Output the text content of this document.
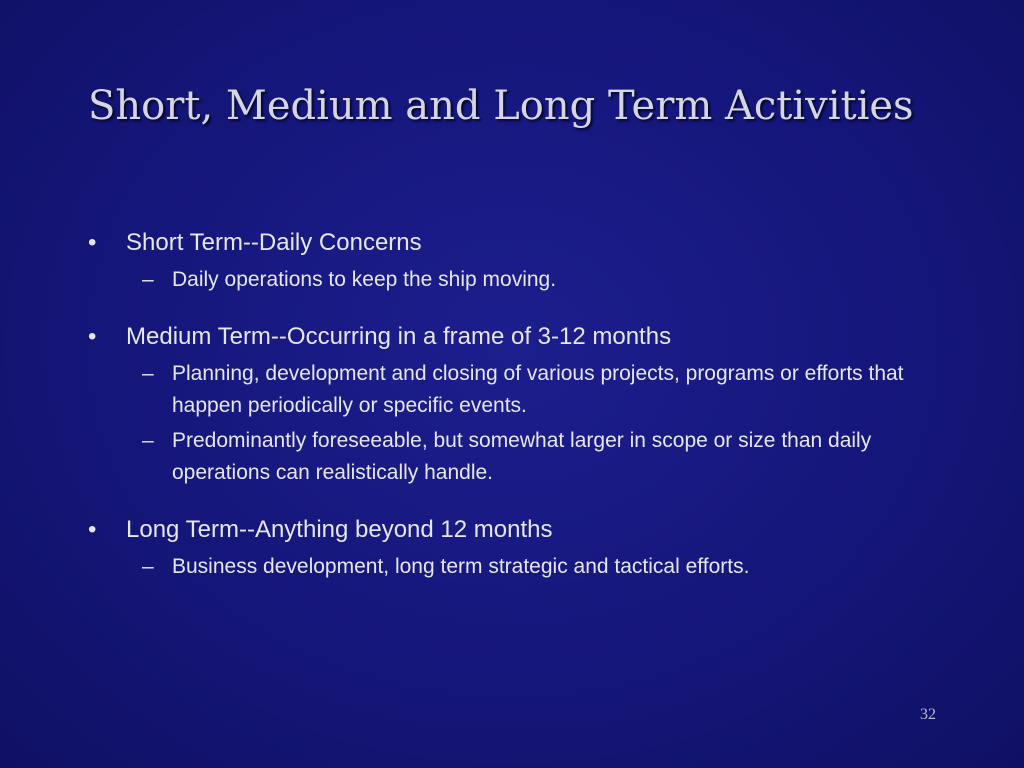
Short, Medium and Long Term Activities
• Short Term--Daily Concerns
– Daily operations to keep the ship moving.
• Medium Term--Occurring in a frame of 3-12 months
– Planning, development and closing of various projects, programs or efforts that happen periodically or specific events.
– Predominantly foreseeable, but somewhat larger in scope or size than daily operations can realistically handle.
• Long Term--Anything beyond 12 months
– Business development, long term strategic and tactical efforts.
32
